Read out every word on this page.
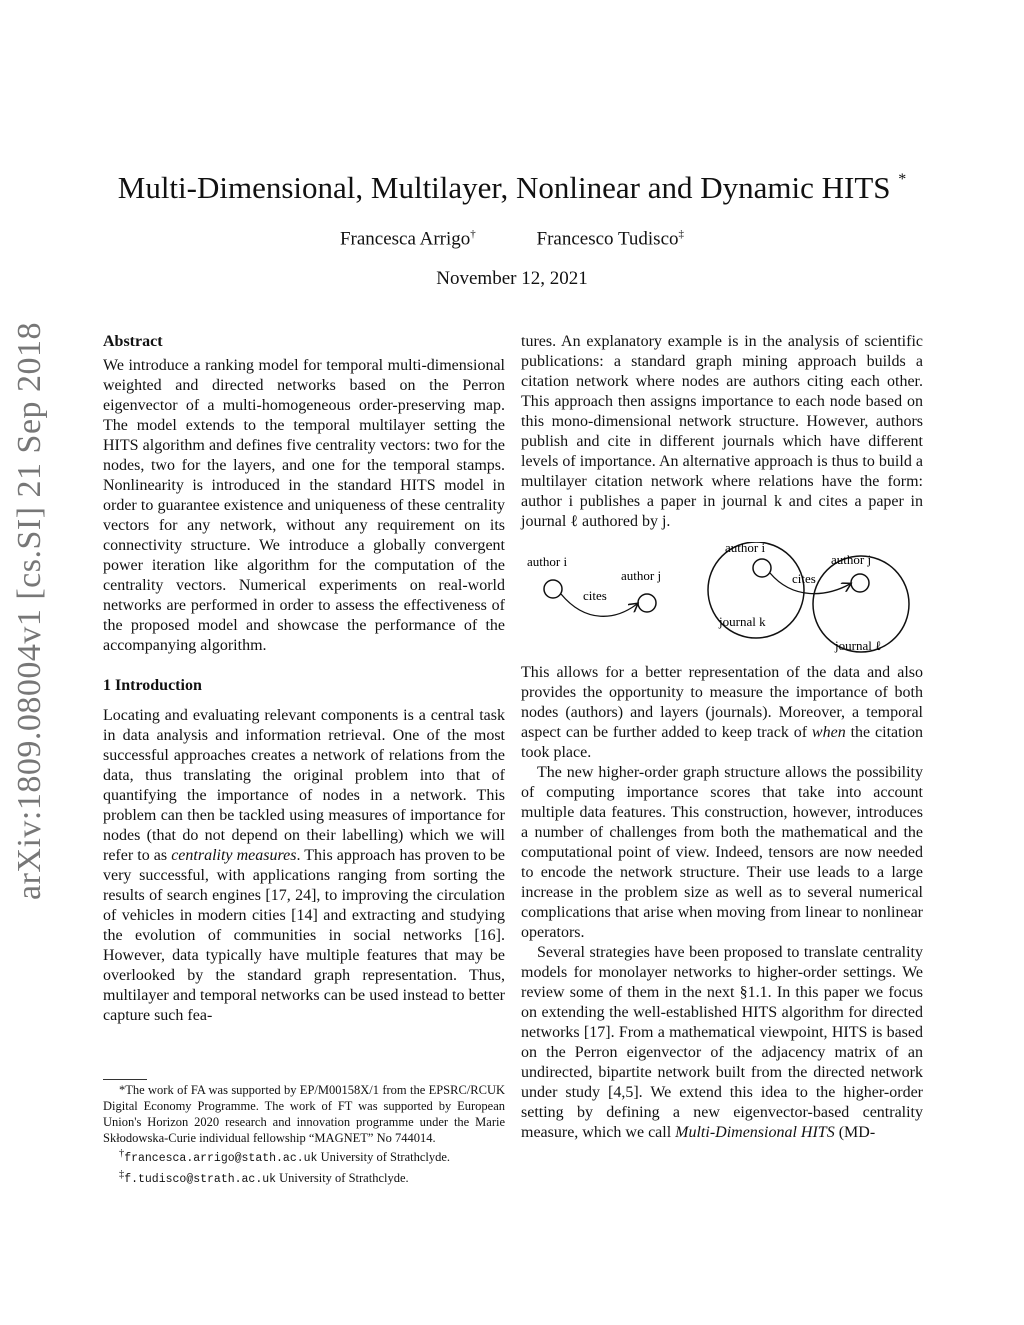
arXiv:1809.08004v1 [cs.SI] 21 Sep 2018
Multi-Dimensional, Multilayer, Nonlinear and Dynamic HITS *
Francesca Arrigo†	Francesco Tudisco‡
November 12, 2021
Abstract

We introduce a ranking model for temporal multi-dimensional weighted and directed networks based on the Perron eigenvector of a multi-homogeneous order-preserving map. The model extends to the temporal multilayer setting the HITS algorithm and defines five centrality vectors: two for the nodes, two for the layers, and one for the temporal stamps. Nonlinearity is introduced in the standard HITS model in order to guarantee existence and uniqueness of these centrality vectors for any network, without any requirement on its connectivity structure. We introduce a globally convergent power iteration like algorithm for the computation of the centrality vectors. Numerical experiments on real-world networks are performed in order to assess the effectiveness of the proposed model and showcase the performance of the accompanying algorithm.

1 Introduction

Locating and evaluating relevant components is a central task in data analysis and information retrieval. One of the most successful approaches creates a network of relations from the data, thus translating the original problem into that of quantifying the importance of nodes in a network. This problem can then be tackled using measures of importance for nodes (that do not depend on their labelling) which we will refer to as centrality measures. This approach has proven to be very successful, with applications ranging from sorting the results of search engines [17, 24], to improving the circulation of vehicles in modern cities [14] and extracting and studying the evolution of communities in social networks [16]. However, data typically have multiple features that may be overlooked by the standard graph representation. Thus, multilayer and temporal networks can be used instead to better capture such fea-

*The work of FA was supported by EP/M00158X/1 from the EPSRC/RCUK Digital Economy Programme. The work of FT was supported by European Union's Horizon 2020 research and innovation programme under the Marie Skłodowska-Curie individual fellowship “MAGNET” No 744014.

†francesca.arrigo@stath.ac.uk University of Strathclyde.

‡f.tudisco@strath.ac.uk University of Strathclyde.

tures. An explanatory example is in the analysis of scientific publications: a standard graph mining approach builds a citation network where nodes are authors citing each other. This approach then assigns importance to each node based on this mono-dimensional network structure. However, authors publish and cite in different journals which have different levels of importance. An alternative approach is thus to build a multilayer citation network where relations have the form: author i publishes a paper in journal k and cites a paper in journal ℓ authored by j.

author i
author j
cites
author i
author j
cites
journal k
journal ℓ

This allows for a better representation of the data and also provides the opportunity to measure the importance of both nodes (authors) and layers (journals). Moreover, a temporal aspect can be further added to keep track of when the citation took place.

The new higher-order graph structure allows the possibility of computing importance scores that take into account multiple data features. This construction, however, introduces a number of challenges from both the mathematical and the computational point of view. Indeed, tensors are now needed to encode the network structure. Their use leads to a large increase in the problem size as well as to several numerical complications that arise when moving from linear to nonlinear operators.

Several strategies have been proposed to translate centrality models for monolayer networks to higher-order settings. We review some of them in the next §1.1. In this paper we focus on extending the well-established HITS algorithm for directed networks [17]. From a mathematical viewpoint, HITS is based on the Perron eigenvector of the adjacency matrix of an undirected, bipartite network built from the directed network under study [4,5]. We extend this idea to the higher-order setting by defining a new eigenvector-based centrality measure, which we call Multi-Dimensional HITS (MD-
